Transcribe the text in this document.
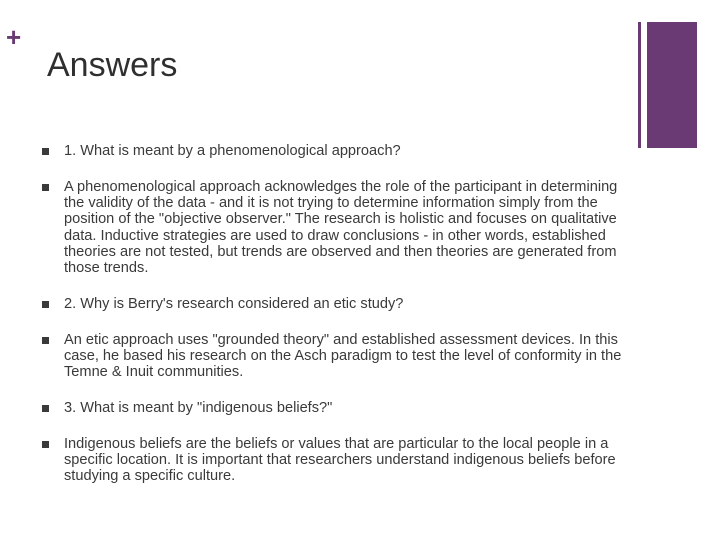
+
Answers
1. What is meant by a phenomenological approach?
A phenomenological approach acknowledges the role of the participant in determining the validity of the data - and it is not trying to determine information simply from the position of the "objective observer." The research is holistic and focuses on qualitative data. Inductive strategies are used to draw conclusions - in other words, established theories are not tested, but trends are observed and then theories are generated from those trends.
2. Why is Berry's research considered an etic study?
An etic approach uses "grounded theory" and established assessment devices. In this case, he based his research on the Asch paradigm to test the level of conformity in the Temne & Inuit communities.
3. What is meant by "indigenous beliefs?"
Indigenous beliefs are the beliefs or values that are particular to the local people in a specific location. It is important that researchers understand indigenous beliefs before studying a specific culture.
